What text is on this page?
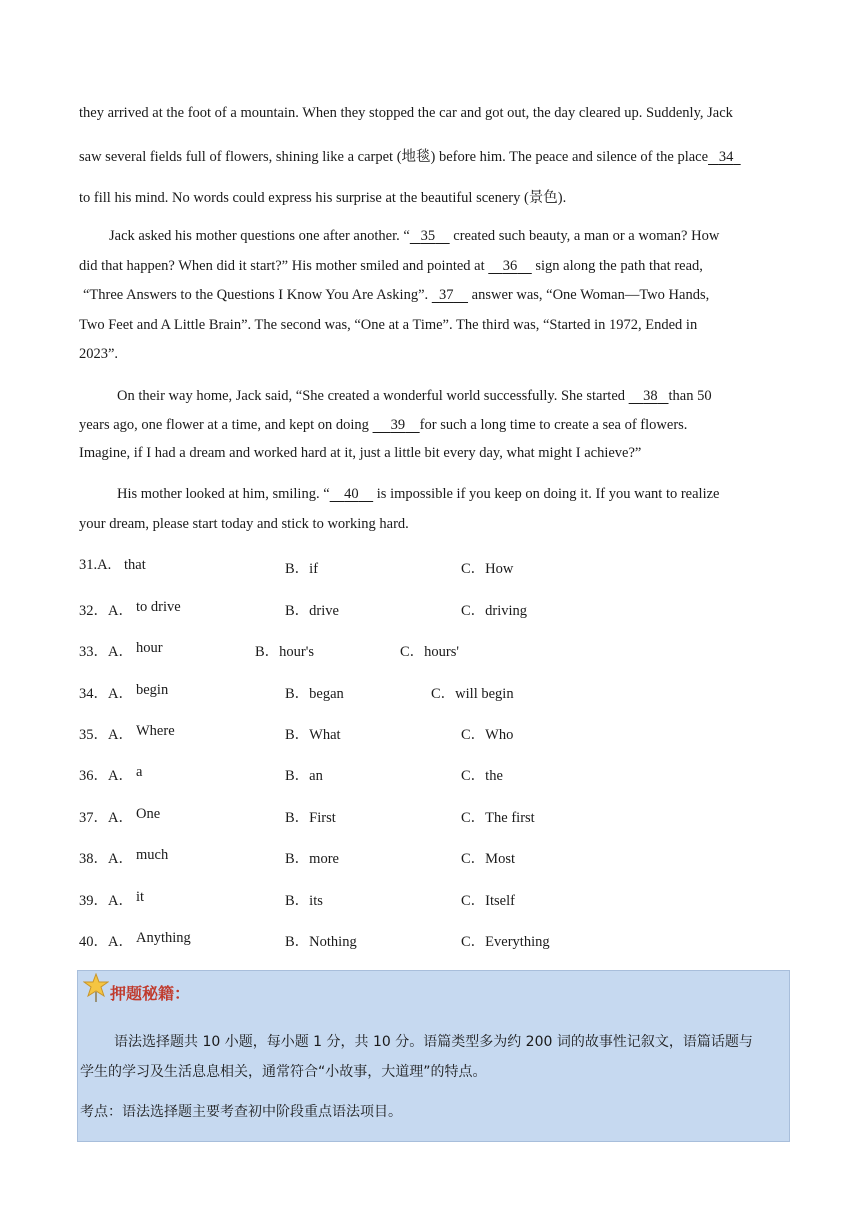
they arrived at the foot of a mountain. When they stopped the car and got out, the day cleared up. Suddenly, Jack
saw several fields full of flowers, shining like a carpet (地毯) before him. The peace and silence of the place 34
to fill his mind. No words could express his surprise at the beautiful scenery (景色).
Jack asked his mother questions one after another. “ 35     created such beauty, a man or a woman? How
did that happen? When did it start?” His mother smiled and pointed at     36     sign along the path that read,
“Three Answers to the Questions I Know You Are Asking”.   37     answer was, “One Woman—Two Hands,
Two Feet and A Little Brain”. The second was, “One at a Time”. The third was, “Started in 1972, Ended in
2023”.
On their way home, Jack said, “She created a wonderful world successfully. She started     38 than 50
years ago, one flower at a time, and kept on doing      39 for such a long time to create a sea of flowers.
Imagine, if I had a dream and worked hard at it, just a little bit every day, what might I achieve?”
His mother looked at him, smiling. “ 40     is impossible if you keep on doing it. If you want to realize
your dream, please start today and stick to working hard.
31.A. that	B．if	C．How
32．A． to drive	B．drive	C．driving
33．A． hour	B．hour's	C．hours'
34．A． begin	B．began	C．will begin
35．A． Where	B．What	C．Who
36．A． a	B．an	C．the
37．A． One	B．First	C．The first
38．A． much	B．more	C．Most
39．A． it	B．its	C．Itself
40．A． Anything	B．Nothing	C．Everything
押题秘籍：
语法选择题共 10 小题，每小题 1 分，共 10 分。语篇类型多为约 200 词的故事性记叙文，语篇话题与
学生的学习及生活息息相关，通常符合“小故事，大道理”的特点。
考点：语法选择题主要考查初中阶段重点语法项目。
